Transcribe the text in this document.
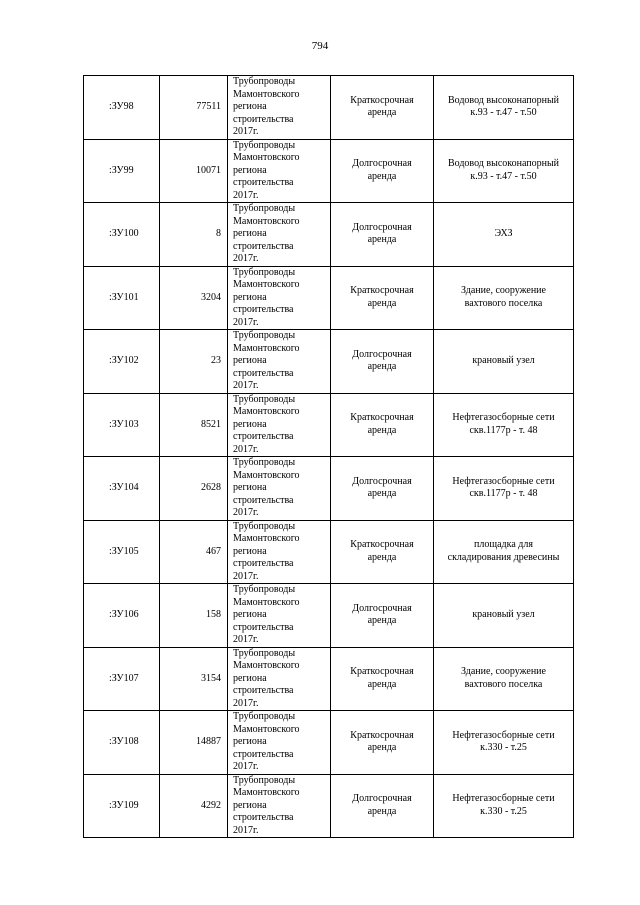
794
:ЗУ98	77511	Трубопроводы
Мамонтовского
региона
строительства
2017г.	Краткосрочная
аренда	Водовод высоконапорный
к.93 - т.47 - т.50

:ЗУ99	10071	Трубопроводы
Мамонтовского
региона
строительства
2017г.	Долгосрочная
аренда	Водовод высоконапорный
к.93 - т.47 - т.50

:ЗУ100	8	Трубопроводы
Мамонтовского
региона
строительства
2017г.	Долгосрочная
аренда	ЭХЗ

:ЗУ101	3204	Трубопроводы
Мамонтовского
региона
строительства
2017г.	Краткосрочная
аренда	Здание, сооружение
вахтового поселка

:ЗУ102	23	Трубопроводы
Мамонтовского
региона
строительства
2017г.	Долгосрочная
аренда	крановый узел

:ЗУ103	8521	Трубопроводы
Мамонтовского
региона
строительства
2017г.	Краткосрочная
аренда	Нефтегазосборные сети
скв.1177р - т. 48

:ЗУ104	2628	Трубопроводы
Мамонтовского
региона
строительства
2017г.	Долгосрочная
аренда	Нефтегазосборные сети
скв.1177р - т. 48

:ЗУ105	467	Трубопроводы
Мамонтовского
региона
строительства
2017г.	Краткосрочная
аренда	площадка для
складирования древесины

:ЗУ106	158	Трубопроводы
Мамонтовского
региона
строительства
2017г.	Долгосрочная
аренда	крановый узел

:ЗУ107	3154	Трубопроводы
Мамонтовского
региона
строительства
2017г.	Краткосрочная
аренда	Здание, сооружение
вахтового поселка

:ЗУ108	14887	Трубопроводы
Мамонтовского
региона
строительства
2017г.	Краткосрочная
аренда	Нефтегазосборные сети
к.330 - т.25

:ЗУ109	4292	Трубопроводы
Мамонтовского
региона
строительства
2017г.	Долгосрочная
аренда	Нефтегазосборные сети
к.330 - т.25
